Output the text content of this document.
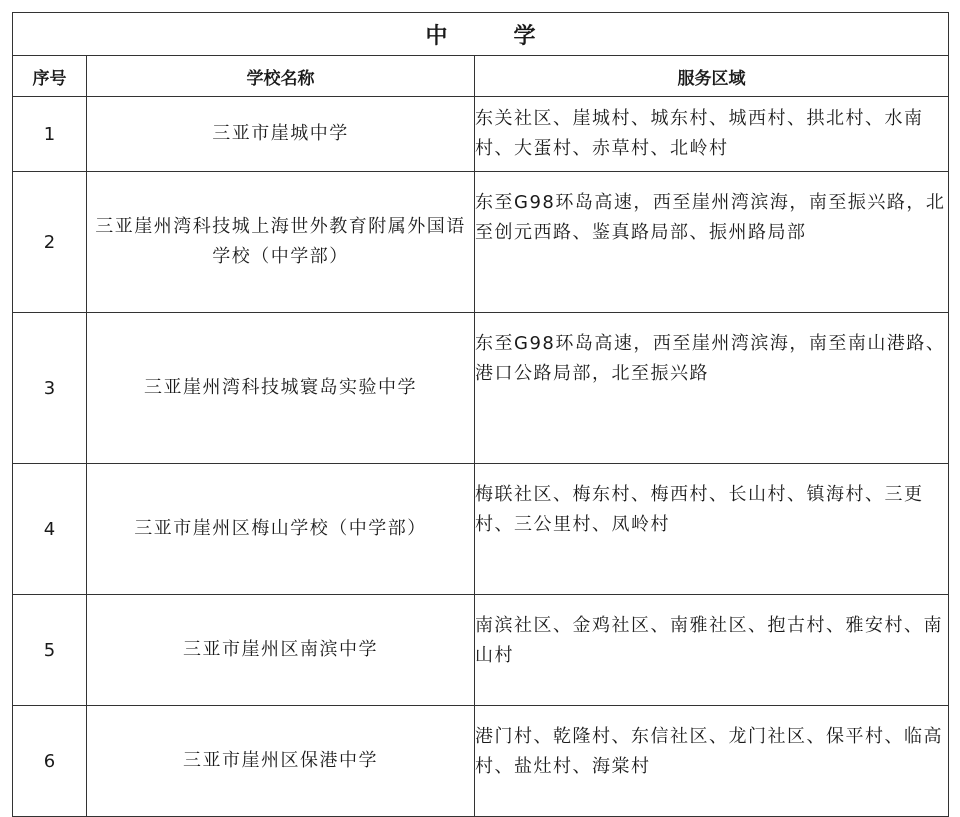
中　学		
序号	学校名称	服务区域
1	三亚市崖城中学	东关社区、崖城村、城东村、城西村、拱北村、水南村、大蛋村、赤草村、北岭村
2	三亚崖州湾科技城上海世外教育附属外国语学校（中学部）	东至G98环岛高速，西至崖州湾滨海，南至振兴路，北至创元西路、鉴真路局部、振州路局部
3	三亚崖州湾科技城寰岛实验中学	东至G98环岛高速，西至崖州湾滨海，南至南山港路、港口公路局部，北至振兴路
4	三亚市崖州区梅山学校（中学部）	梅联社区、梅东村、梅西村、长山村、镇海村、三更村、三公里村、凤岭村
5	三亚市崖州区南滨中学	南滨社区、金鸡社区、南雅社区、抱古村、雅安村、南山村
6	三亚市崖州区保港中学	港门村、乾隆村、东信社区、龙门社区、保平村、临高村、盐灶村、海棠村
